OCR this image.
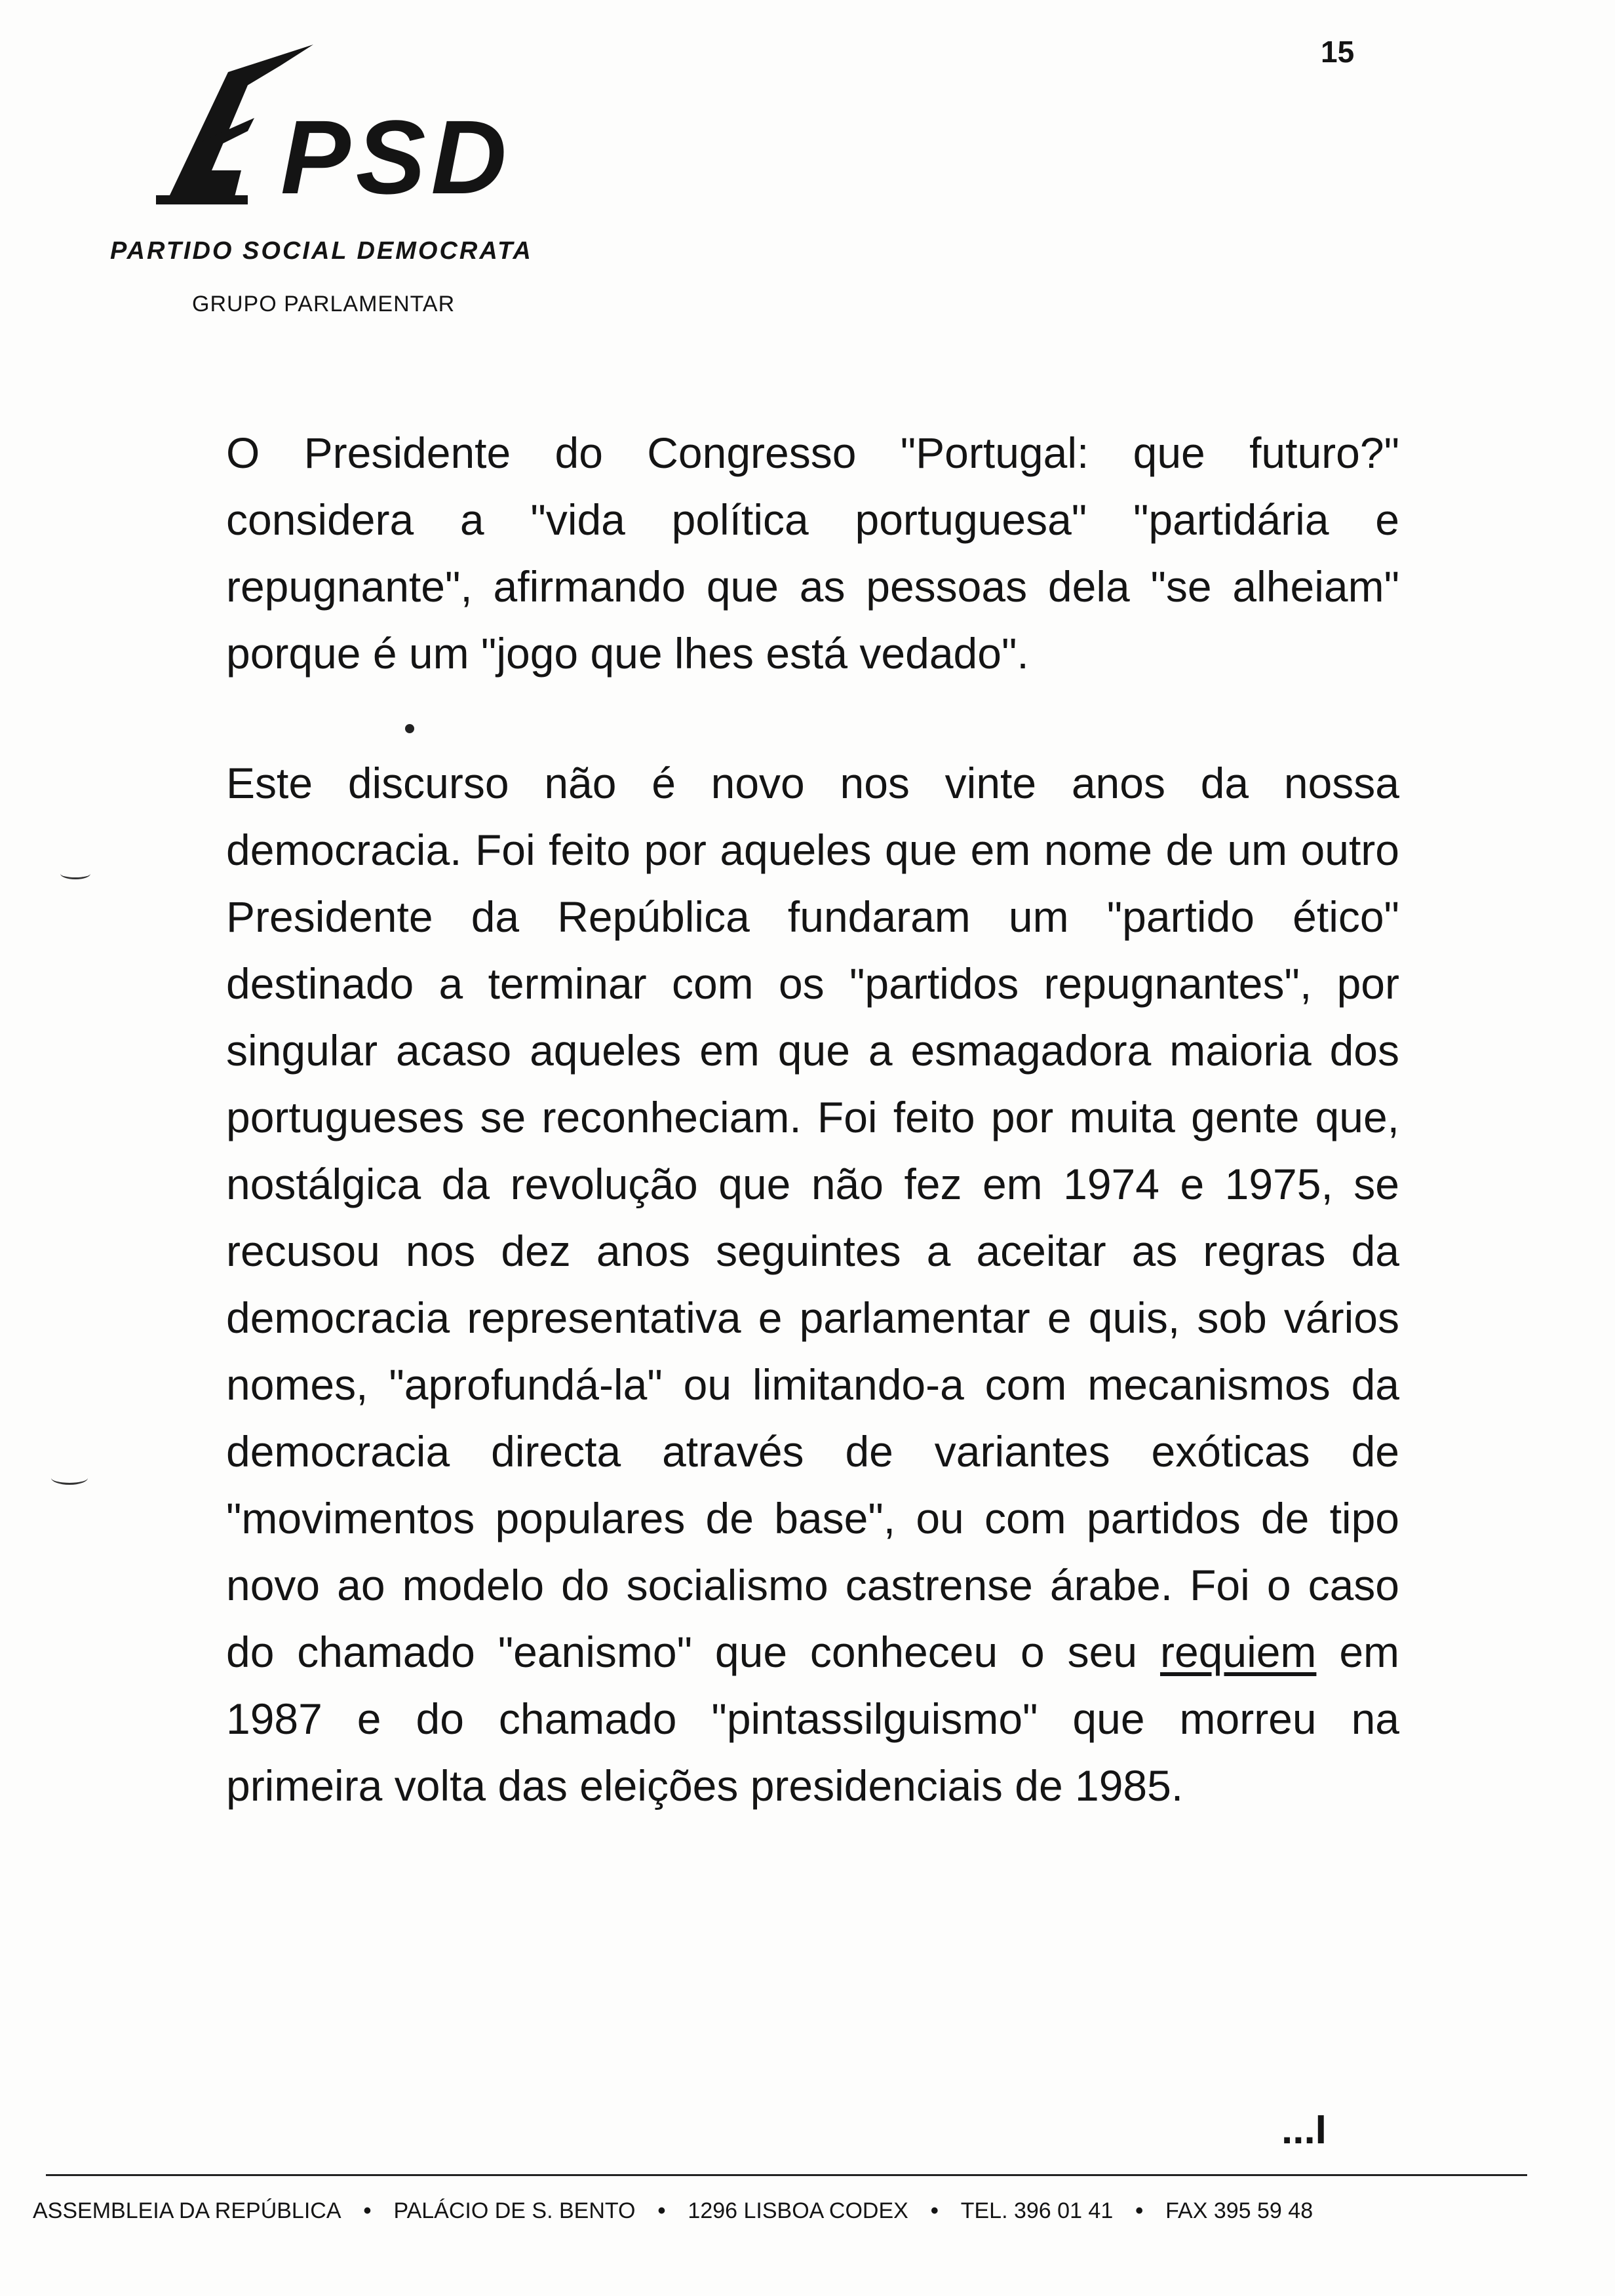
15
PSD
PARTIDO SOCIAL DEMOCRATA
GRUPO PARLAMENTAR

O Presidente do Congresso "Portugal: que futuro?" considera a "vida política portuguesa" "partidária e repugnante", afirmando que as pessoas dela "se alheiam" porque é um "jogo que lhes está vedado".

Este discurso não é novo nos vinte anos da nossa democracia. Foi feito por aqueles que em nome de um outro Presidente da República fundaram um "partido ético" destinado a terminar com os "partidos repugnantes", por singular acaso aqueles em que a esmagadora maioria dos portugueses se reconheciam. Foi feito por muita gente que, nostálgica da revolução que não fez em 1974 e 1975, se recusou nos dez anos seguintes a aceitar as regras da democracia representativa e parlamentar e quis, sob vários nomes, "aprofundá-la" ou limitando-a com mecanismos da democracia directa através de variantes exóticas de "movimentos populares de base", ou com partidos de tipo novo ao modelo do socialismo castrense árabe. Foi o caso do chamado "eanismo" que conheceu o seu requiem em 1987 e do chamado "pintassilguismo" que morreu na primeira volta das eleições presidenciais de 1985.

...I
ASSEMBLEIA DA REPÚBLICA • PALÁCIO DE S. BENTO • 1296 LISBOA CODEX • TEL. 396 01 41 • FAX 395 59 48
